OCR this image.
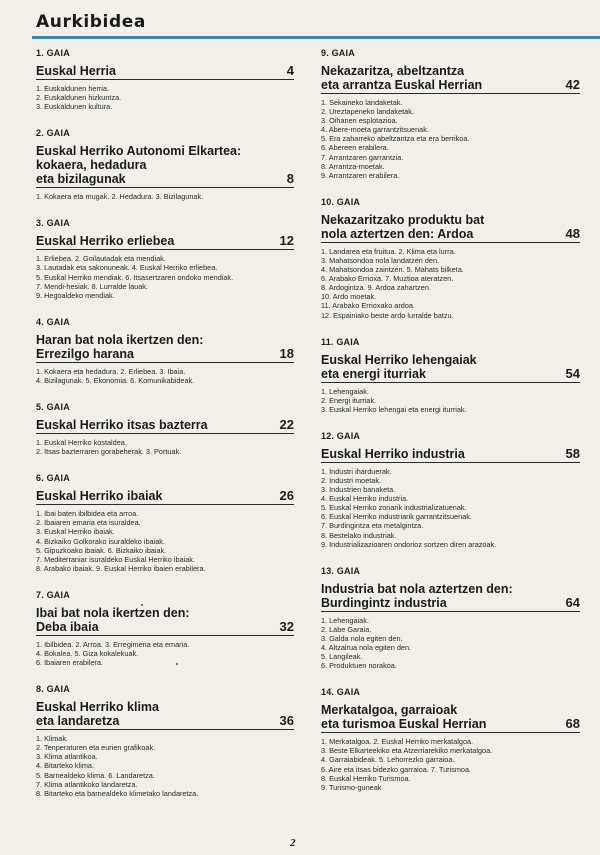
Aurkibidea
1. GAIA
Euskal Herria	4
1. Euskaldunen herria.
2. Euskaldunen hizkuntza.
3. Euskaldunen kultura.
2. GAIA
Euskal Herriko Autonomi Elkartea:
kokaera, hedadura
eta bizilagunak	8
1. Kokaera eta mugak. 2. Hedadura. 3. Bizilagunak.
3. GAIA
Euskal Herriko erliebea	12
1. Erliebea. 2. Goilautadak eta mendiak.
3. Lautadak eta sakonuneak. 4. Euskal Herriko erliebea.
5. Euskal Herriko mendiak. 6. Itsasertzaren ondoko mendiak.
7. Mendi-hesiak. 8. Lurralde lauak.
9. Hegoaldeko mendiak.
4. GAIA
Haran bat nola ikertzen den:
Errezilgo harana	18
1. Kokaera eta hedadura. 2. Erliebea. 3. Ibaia.
4. Bizilagunak. 5. Ekonomia. 6. Komunikabideak.
5. GAIA
Euskal Herriko itsas bazterra	22
1. Euskal Herriko kostaldea.
2. Itsas bazterraren gorabeherak. 3. Portuak.
6. GAIA
Euskal Herriko ibaiak	26
1. Ibai baten ibilbidea eta arroa.
2. Ibaiaren emaria eta isuraldea.
3. Euskal Herriko ibaiak.
4. Bizkaiko Golkorako isuraldeko ibaiak.
5. Gipuzkoako ibaiak. 6. Bizkaiko ibaiak.
7. Mediterraniar isuraldeko Euskal Herriko ibaiak.
8. Arabako ibaiak. 9. Euskal Herriko ibaien erabilera.
7. GAIA
Ibai bat nola ikertzen den:
Deba ibaia	32
1. Ibilbidea. 2. Arroa. 3. Erregimena eta emaria.
4. Bokalea. 5. Giza kokalekuak.
6. Ibaiaren erabilera.
8. GAIA
Euskal Herriko klima
eta landaretza	36
1. Klimak.
2. Tenperaturen eta eurien grafikoak.
3. Klima atlantikoa.
4. Bitarteko klima.
5. Barnealdeko klima. 6. Landaretza.
7. Klima atlantikoko landaretza.
8. Bitarteko eta barnealdeko klimetako landaretza.
9. GAIA
Nekazaritza, abeltzantza
eta arrantza Euskal Herrian	42
1. Sekaineko landaketak.
2. Ureztapeneko landaketak.
3. Oihanen esplotazioa.
4. Abere-moeta garrantzitsuenak.
5. Era zaharreko abeltzantza eta era berrikoa.
6. Abereen erabilera.
7. Arrantzaren garrantzia.
8. Arrantza-moetak.
9. Arrantzaren erabilera.
10. GAIA
Nekazaritzako produktu bat
nola aztertzen den: Ardoa	48
1. Landarea eta fruitua. 2. Klima eta lurra.
3. Mahatsondoa nola landatzen den.
4. Mahatsondoa zaintzen. 5. Mahats bilketa.
6. Arabako Errioxa. 7. Muztioa ateratzen.
8. Ardogintza. 9. Ardoa zahartzen.
10. Ardo moetak.
11. Arabako Errioxako ardoa.
12. Espainiako beste ardo lurralde batzu.
11. GAIA
Euskal Herriko lehengaiak
eta energi iturriak	54
1. Lehengaiak.
2. Energi iturriak.
3. Euskal Herriko lehengai eta energi iturriak.
12. GAIA
Euskal Herriko industria	58
1. Industri iharduerak.
2. Industri moetak.
3. Industrien banaketa.
4. Euskal Herriko industria.
5. Euskal Herriko zonarik industrializatuenak.
6. Euskal Herriko industriarik garrantzitsuenak.
7. Burdingintza eta metalgintza.
8. Bestelako industriak.
9. Industrializazioaren ondorioz sortzen diren arazoak.
13. GAIA
Industria bat nola aztertzen den:
Burdingintz industria	64
1. Lehengaiak.
2. Labe Garaia.
3. Galda nola egiten den.
4. Altzairua nola egiten den.
5. Langileak.
6. Produktuen norakoa.
14. GAIA
Merkatalgoa, garraioak
eta turismoa Euskal Herrian	68
1. Merkatalgoa. 2. Euskal Herriko merkatalgoa.
3. Beste Elkarteekiko eta Atzerriarekiko merkatalgoa.
4. Garraiabideak. 5. Lehorrezko garraioa.
6. Aire eta itsas bidezko garraioa. 7. Turismoa.
8. Euskal Herriko Turismoa.
9. Turismo-guneak
2
